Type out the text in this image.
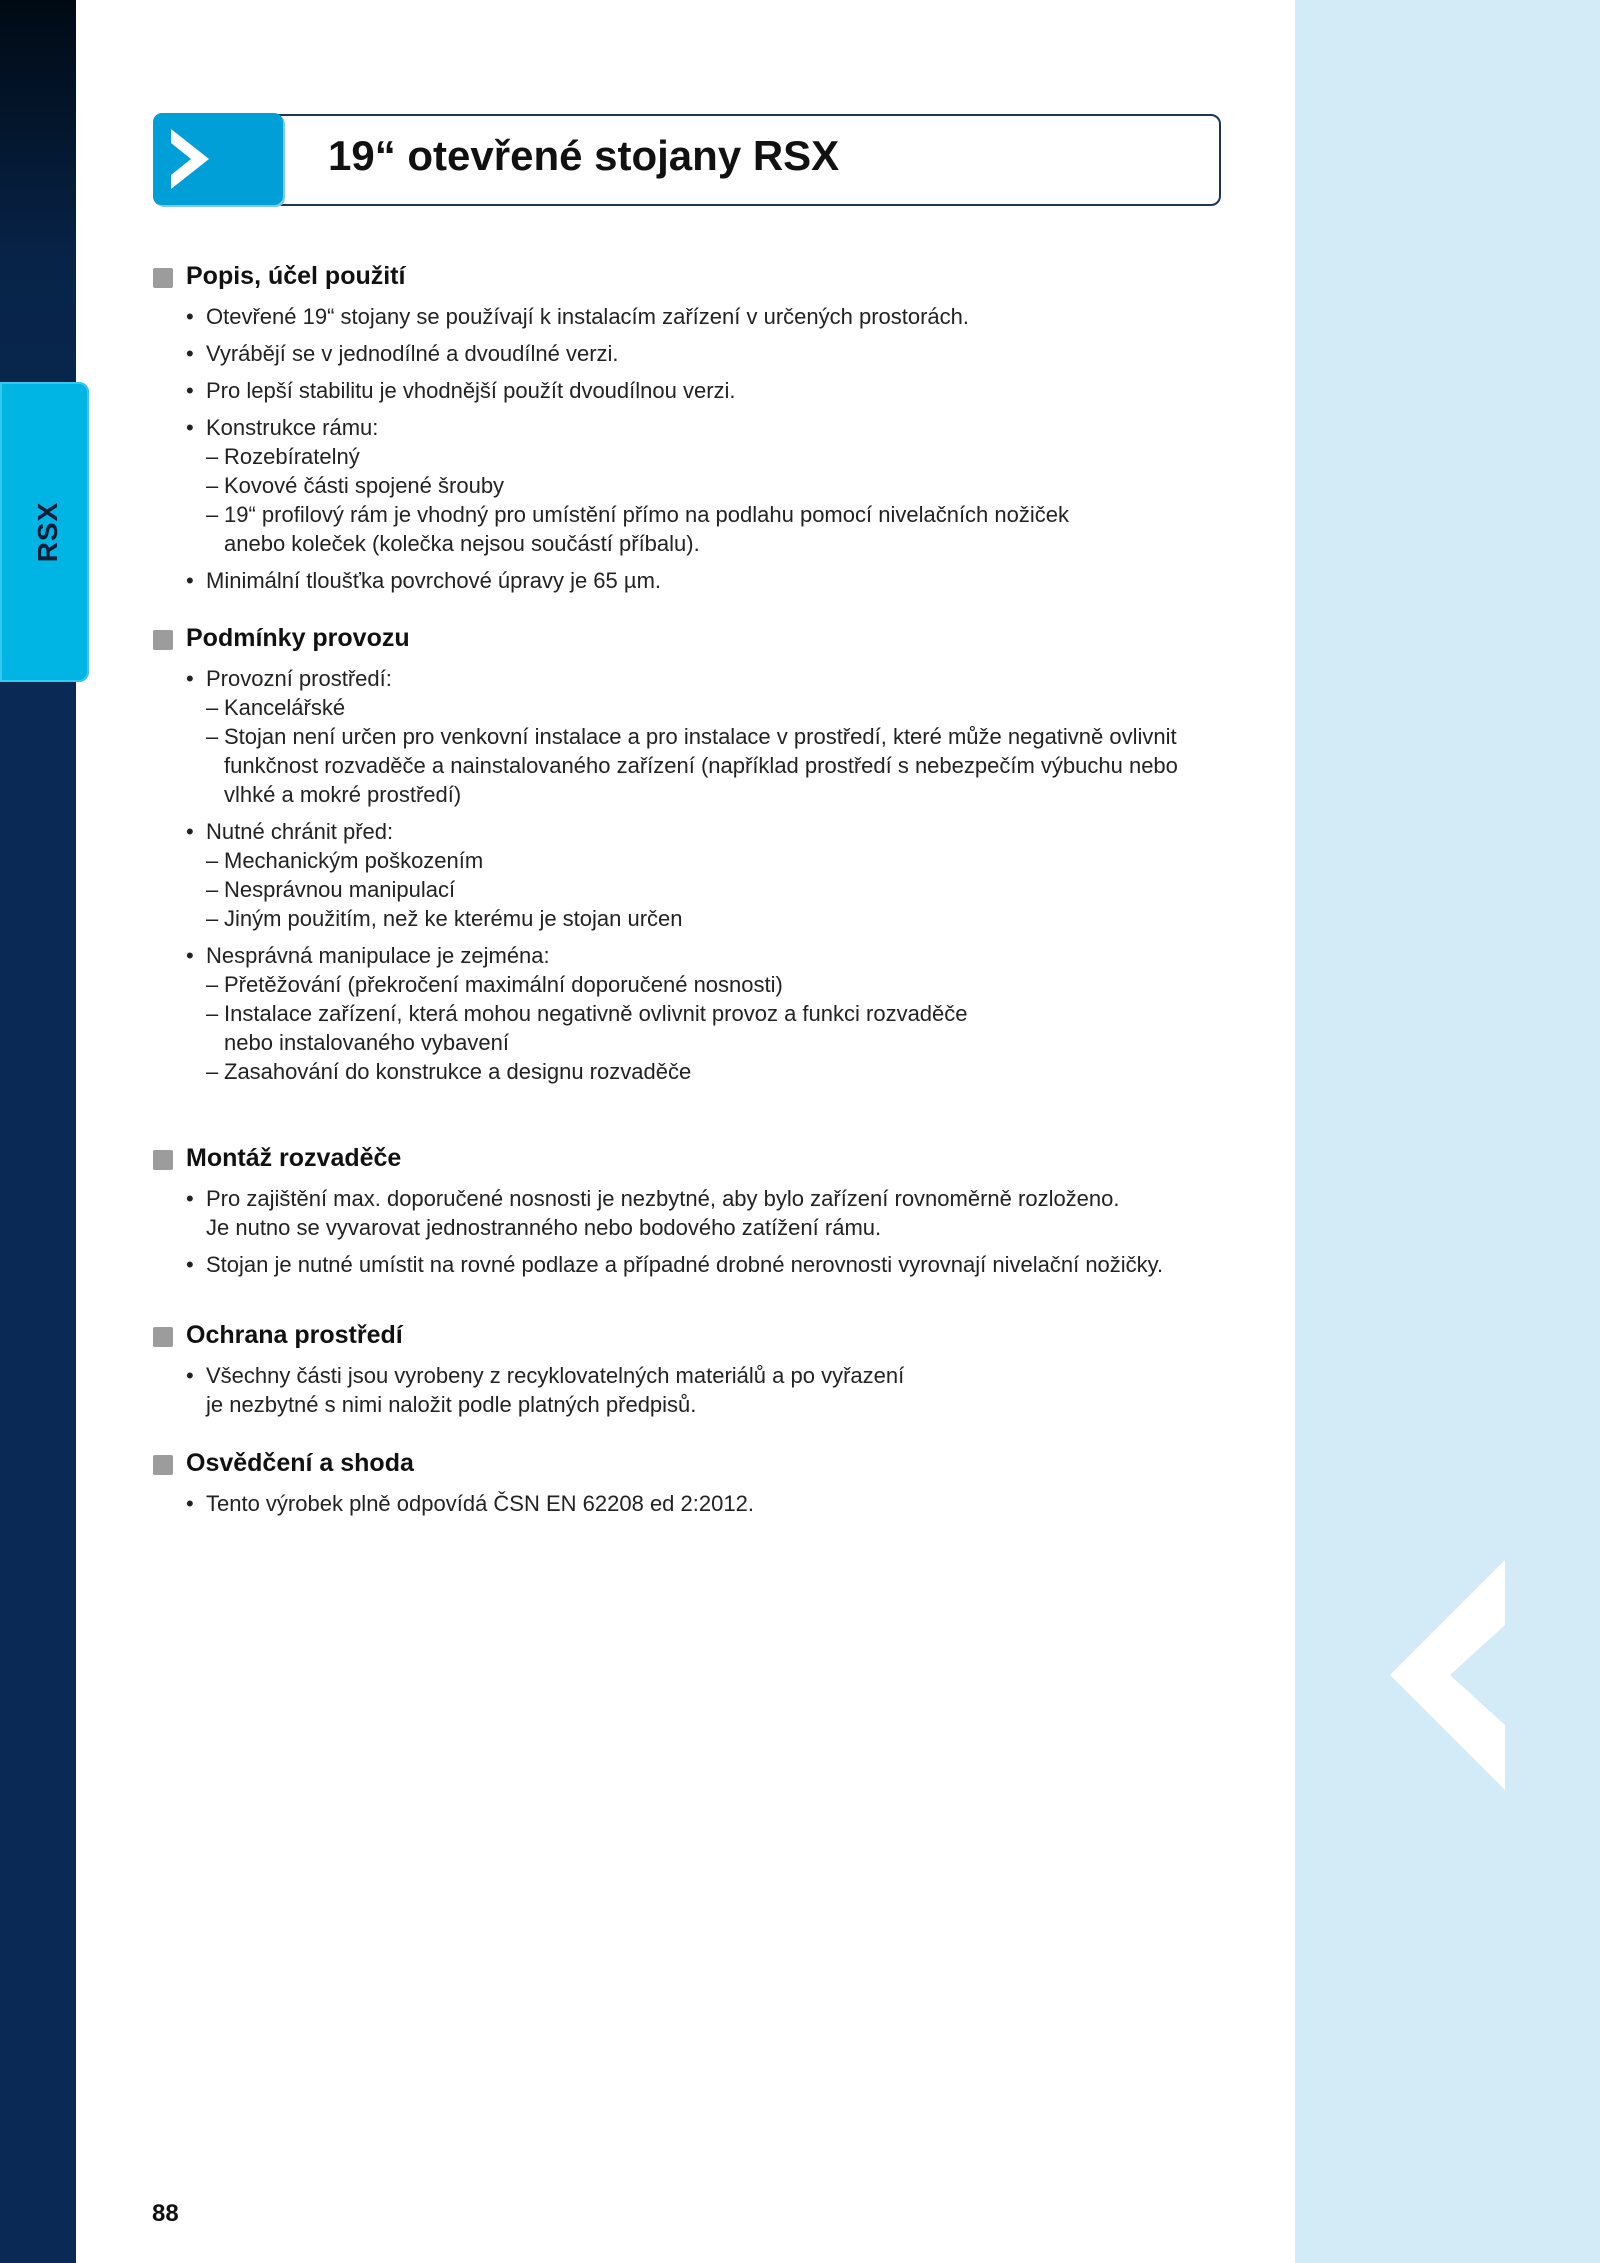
RSX
19“ otevřené stojany RSX
Popis, účel použití
• Otevřené 19“ stojany se používají k instalacím zařízení v určených prostorách.
• Vyrábějí se v jednodílné a dvoudílné verzi.
• Pro lepší stabilitu je vhodnější použít dvoudílnou verzi.
• Konstrukce rámu:
– Rozebíratelný
– Kovové části spojené šrouby
– 19“ profilový rám je vhodný pro umístění přímo na podlahu pomocí nivelačních nožiček
anebo koleček (kolečka nejsou součástí příbalu).
• Minimální tloušťka povrchové úpravy je 65 µm.
Podmínky provozu
• Provozní prostředí:
– Kancelářské
– Stojan není určen pro venkovní instalace a pro instalace v prostředí, které může negativně ovlivnit
funkčnost rozvaděče a nainstalovaného zařízení (například prostředí s nebezpečím výbuchu nebo
vlhké a mokré prostředí)
• Nutné chránit před:
– Mechanickým poškozením
– Nesprávnou manipulací
– Jiným použitím, než ke kterému je stojan určen
• Nesprávná manipulace je zejména:
– Přetěžování (překročení maximální doporučené nosnosti)
– Instalace zařízení, která mohou negativně ovlivnit provoz a funkci rozvaděče
nebo instalovaného vybavení
– Zasahování do konstrukce a designu rozvaděče
Montáž rozvaděče
• Pro zajištění max. doporučené nosnosti je nezbytné, aby bylo zařízení rovnoměrně rozloženo.
Je nutno se vyvarovat jednostranného nebo bodového zatížení rámu.
• Stojan je nutné umístit na rovné podlaze a případné drobné nerovnosti vyrovnají nivelační nožičky.
Ochrana prostředí
• Všechny části jsou vyrobeny z recyklovatelných materiálů a po vyřazení
je nezbytné s nimi naložit podle platných předpisů.
Osvědčení a shoda
• Tento výrobek plně odpovídá ČSN EN 62208 ed 2:2012.
88
